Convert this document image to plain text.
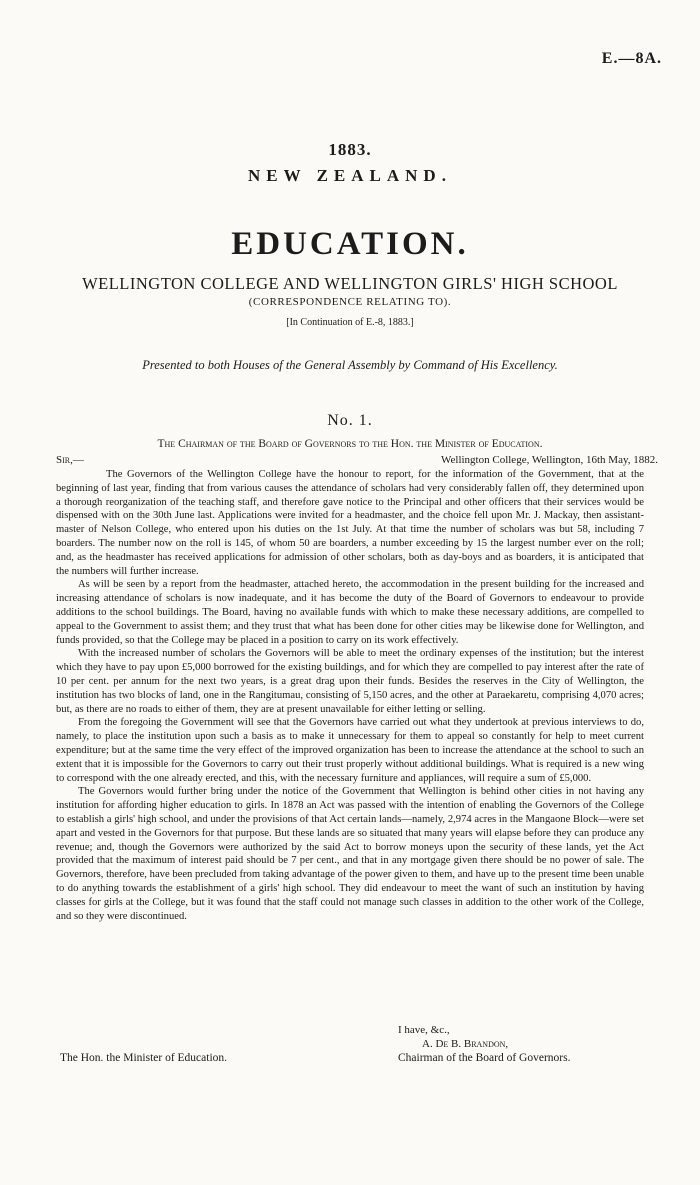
E.—8A.
1883.
NEW ZEALAND.
EDUCATION.
WELLINGTON COLLEGE AND WELLINGTON GIRLS' HIGH SCHOOL
(CORRESPONDENCE RELATING TO).
[In Continuation of E.-8, 1883.]
Presented to both Houses of the General Assembly by Command of His Excellency.
No. 1.
The Chairman of the Board of Governors to the Hon. the Minister of Education.
Sir,—	Wellington College, Wellington, 16th May, 1882.

The Governors of the Wellington College have the honour to report, for the information of the Government, that at the beginning of last year, finding that from various causes the attendance of scholars had very considerably fallen off, they determined upon a thorough reorganization of the teaching staff, and therefore gave notice to the Principal and other officers that their services would be dispensed with on the 30th June last. Applications were invited for a headmaster, and the choice fell upon Mr. J. Mackay, then assistant-master of Nelson College, who entered upon his duties on the 1st July. At that time the number of scholars was but 58, including 7 boarders. The number now on the roll is 145, of whom 50 are boarders, a number exceeding by 15 the largest number ever on the roll; and, as the headmaster has received applications for admission of other scholars, both as day-boys and as boarders, it is anticipated that the numbers will further increase.

As will be seen by a report from the headmaster, attached hereto, the accommodation in the present building for the increased and increasing attendance of scholars is now inadequate, and it has become the duty of the Board of Governors to endeavour to provide additions to the school buildings. The Board, having no available funds with which to make these necessary additions, are compelled to appeal to the Government to assist them; and they trust that what has been done for other cities may be likewise done for Wellington, and funds provided, so that the College may be placed in a position to carry on its work effectively.

With the increased number of scholars the Governors will be able to meet the ordinary expenses of the institution; but the interest which they have to pay upon £5,000 borrowed for the existing buildings, and for which they are compelled to pay interest after the rate of 10 per cent. per annum for the next two years, is a great drag upon their funds. Besides the reserves in the City of Wellington, the institution has two blocks of land, one in the Rangitumau, consisting of 5,150 acres, and the other at Paraekaretu, comprising 4,070 acres; but, as there are no roads to either of them, they are at present unavailable for either letting or selling.

From the foregoing the Government will see that the Governors have carried out what they undertook at previous interviews to do, namely, to place the institution upon such a basis as to make it unnecessary for them to appeal so constantly for help to meet current expenditure; but at the same time the very effect of the improved organization has been to increase the attendance at the school to such an extent that it is impossible for the Governors to carry out their trust properly without additional buildings. What is required is a new wing to correspond with the one already erected, and this, with the necessary furniture and appliances, will require a sum of £5,000.

The Governors would further bring under the notice of the Government that Wellington is behind other cities in not having any institution for affording higher education to girls. In 1878 an Act was passed with the intention of enabling the Governors of the College to establish a girls' high school, and under the provisions of that Act certain lands—namely, 2,974 acres in the Mangaone Block—were set apart and vested in the Governors for that purpose. But these lands are so situated that many years will elapse before they can produce any revenue; and, though the Governors were authorized by the said Act to borrow moneys upon the security of these lands, yet the Act provided that the maximum of interest paid should be 7 per cent., and that in any mortgage given there should be no power of sale. The Governors, therefore, have been precluded from taking advantage of the power given to them, and have up to the present time been unable to do anything towards the establishment of a girls' high school. They did endeavour to meet the want of such an institution by having classes for girls at the College, but it was found that the staff could not manage such classes in addition to the other work of the College, and so they were discontinued.

I have, &c.,
A. De B. Brandon,
The Hon. the Minister of Education.	Chairman of the Board of Governors.
